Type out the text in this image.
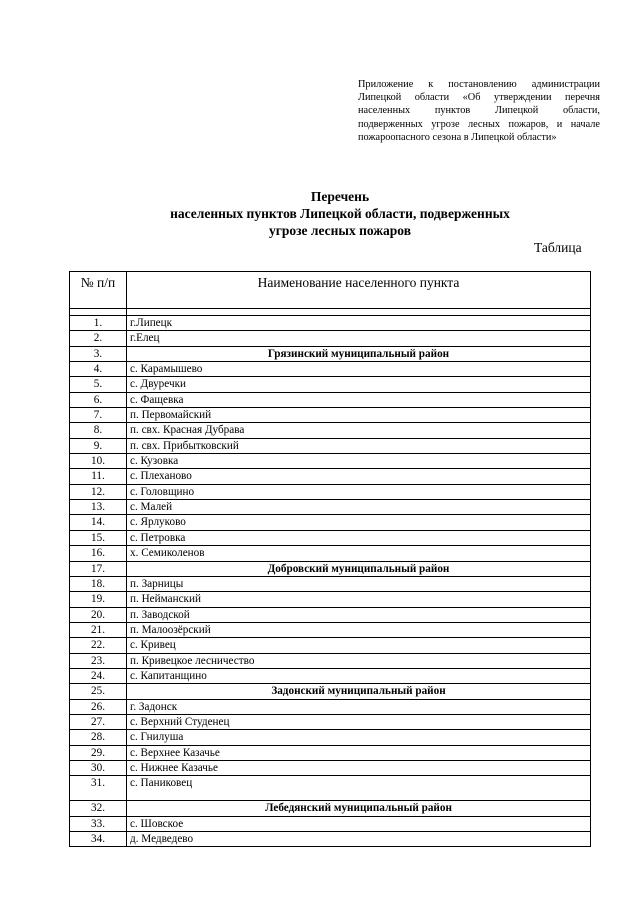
Приложение к постановлению администрации Липецкой области «Об утверждении перечня населенных пунктов Липецкой области, подверженных угрозе лесных пожаров, и начале пожароопасного сезона в Липецкой области»
Перечень
населенных пунктов Липецкой области, подверженных
угрозе лесных пожаров
Таблица
№ п/п	Наименование населенного пункта

1.	г.Липецк
2.	г.Елец
3.	Грязинский муниципальный район
4.	с. Карамышево
5.	с. Двуречки
6.	с. Фащевка
7.	п. Первомайский
8.	п. свх. Красная Дубрава
9.	п. свх. Прибытковский
10.	с. Кузовка
11.	с. Плеханово
12.	с. Головщино
13.	с. Малей
14.	с. Ярлуково
15.	с. Петровка
16.	х. Семиколенов
17.	Добровский муниципальный район
18.	п. Зарницы
19.	п. Нейманский
20.	п. Заводской
21.	п. Малоозёрский
22.	с. Кривец
23.	п. Кривецкое лесничество
24.	с. Капитанщино
25.	Задонский муниципальный район
26.	г. Задонск
27.	с. Верхний Студенец
28.	с. Гнилуша
29.	с. Верхнее Казачье
30.	с. Нижнее Казачье
31.	с. Паниковец
32.	Лебедянский муниципальный район
33.	с. Шовское
34.	д. Медведево
